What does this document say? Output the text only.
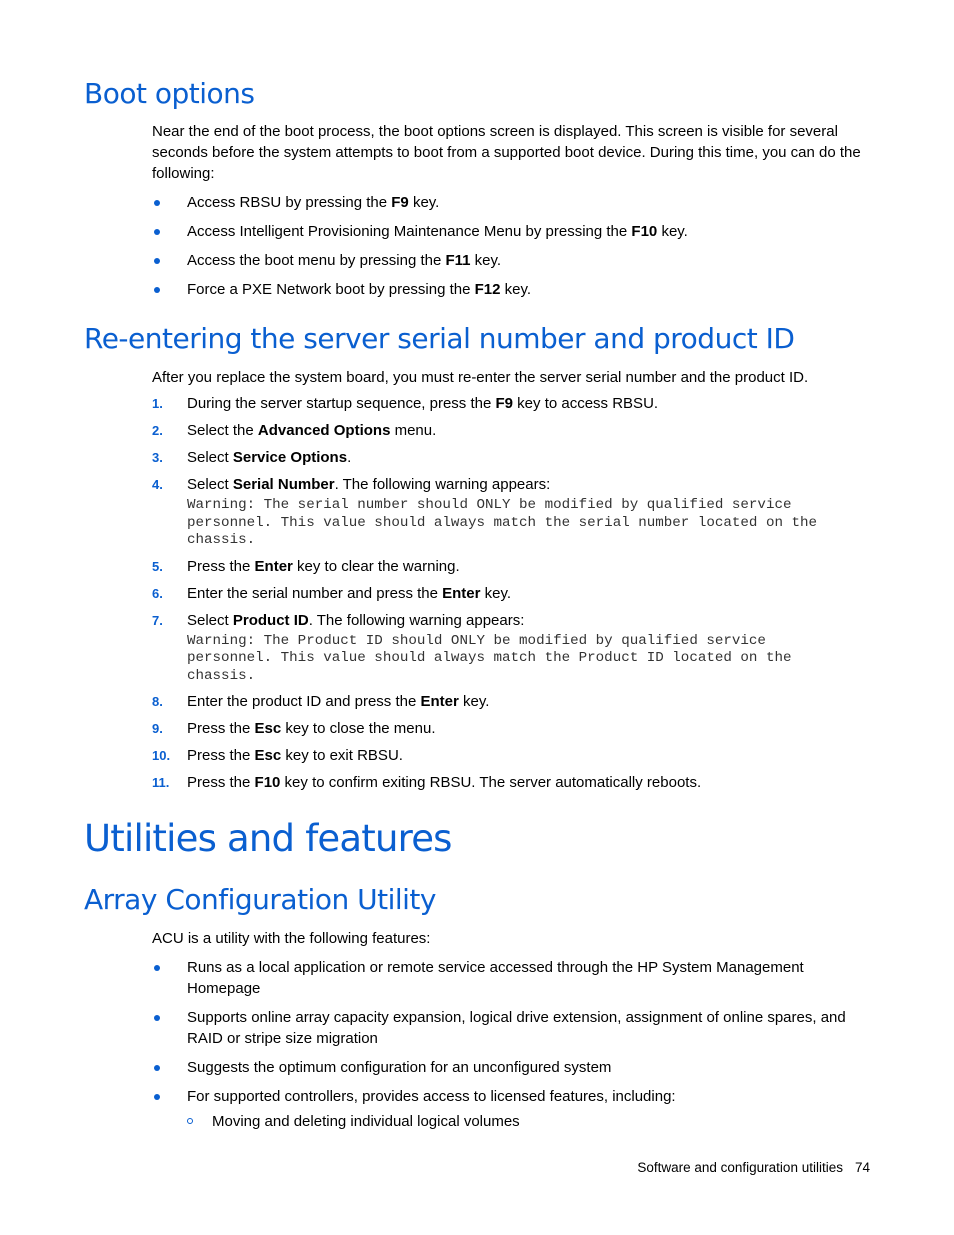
Boot options

Near the end of the boot process, the boot options screen is displayed. This screen is visible for several seconds before the system attempts to boot from a supported boot device. During this time, you can do the following:

Access RBSU by pressing the F9 key.
Access Intelligent Provisioning Maintenance Menu by pressing the F10 key.
Access the boot menu by pressing the F11 key.
Force a PXE Network boot by pressing the F12 key.
Re-entering the server serial number and product ID

After you replace the system board, you must re-enter the server serial number and the product ID.

1. During the server startup sequence, press the F9 key to access RBSU.
2. Select the Advanced Options menu.
3. Select Service Options.
4. Select Serial Number. The following warning appears:
Warning: The serial number should ONLY be modified by qualified service
personnel. This value should always match the serial number located on the
chassis.
5. Press the Enter key to clear the warning.
6. Enter the serial number and press the Enter key.
7. Select Product ID. The following warning appears:
Warning: The Product ID should ONLY be modified by qualified service
personnel. This value should always match the Product ID located on the
chassis.
8. Enter the product ID and press the Enter key.
9. Press the Esc key to close the menu.
10. Press the Esc key to exit RBSU.
11. Press the F10 key to confirm exiting RBSU. The server automatically reboots.
Utilities and features
Array Configuration Utility

ACU is a utility with the following features:

Runs as a local application or remote service accessed through the HP System Management Homepage
Supports online array capacity expansion, logical drive extension, assignment of online spares, and RAID or stripe size migration
Suggests the optimum configuration for an unconfigured system
For supported controllers, provides access to licensed features, including:
Moving and deleting individual logical volumes
Software and configuration utilities 74
